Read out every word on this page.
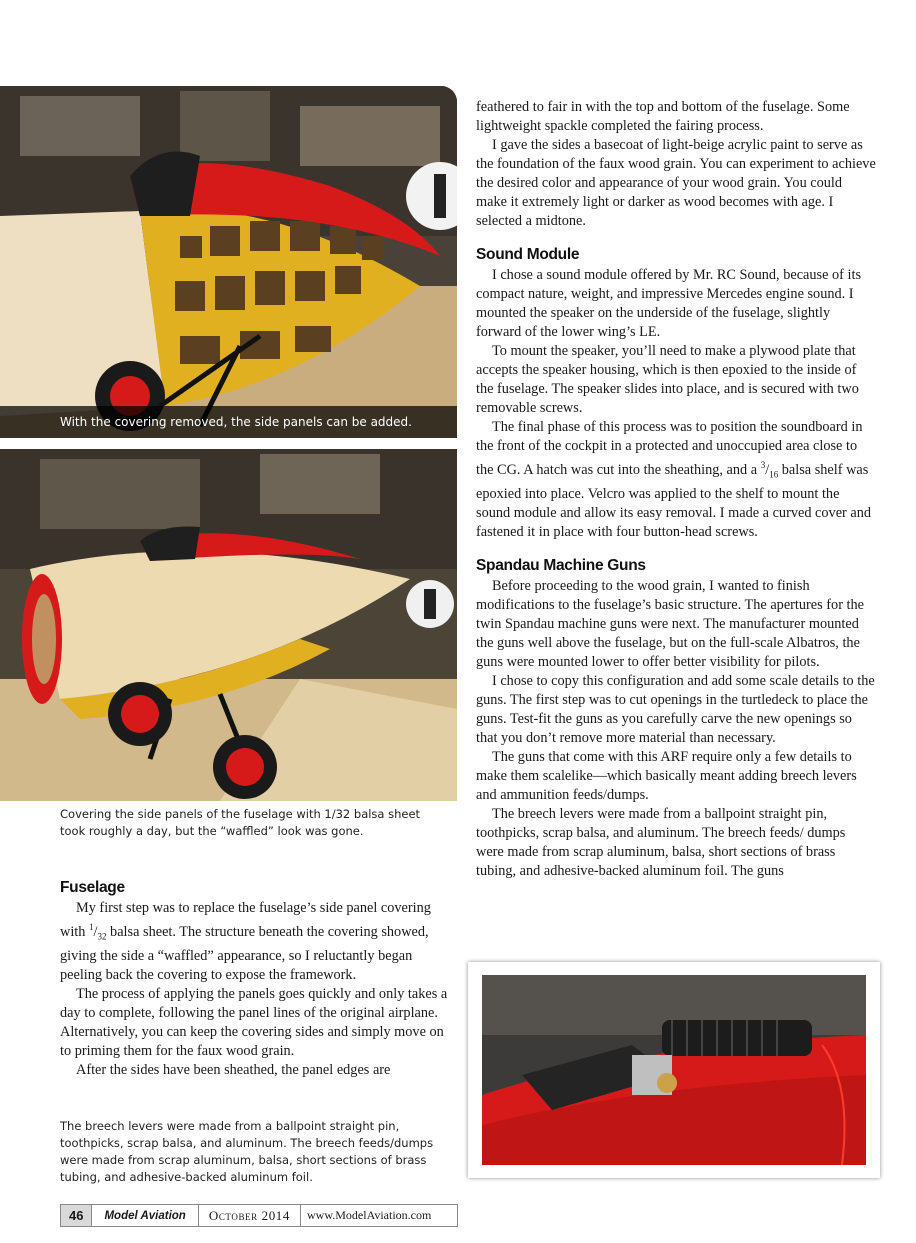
With the covering removed, the side panels can be added.
Covering the side panels of the fuselage with 1/32 balsa sheet took roughly a day, but the “waffled” look was gone.
Fuselage

My first step was to replace the fuselage’s side panel covering with $^1/_{32}$ balsa sheet. The structure beneath the covering showed, giving the side a “waffled” appearance, so I reluctantly began peeling back the covering to expose the framework.

The process of applying the panels goes quickly and only takes a day to complete, following the panel lines of the original airplane. Alternatively, you can keep the covering sides and simply move on to priming them for the faux wood grain.

After the sides have been sheathed, the panel edges are

The breech levers were made from a ballpoint straight pin, toothpicks, scrap balsa, and aluminum. The breech feeds/dumps were made from scrap aluminum, balsa, short sections of brass tubing, and adhesive-backed aluminum foil.

feathered to fair in with the top and bottom of the fuselage. Some lightweight spackle completed the fairing process.

I gave the sides a basecoat of light-beige acrylic paint to serve as the foundation of the faux wood grain. You can experiment to achieve the desired color and appearance of your wood grain. You could make it extremely light or darker as wood becomes with age. I selected a midtone.

Sound Module

I chose a sound module offered by Mr. RC Sound, because of its compact nature, weight, and impressive Mercedes engine sound. I mounted the speaker on the underside of the fuselage, slightly forward of the lower wing’s LE.

To mount the speaker, you’ll need to make a plywood plate that accepts the speaker housing, which is then epoxied to the inside of the fuselage. The speaker slides into place, and is secured with two removable screws.

The final phase of this process was to position the soundboard in the front of the cockpit in a protected and unoccupied area close to the CG. A hatch was cut into the sheathing, and a $^3/_{16}$ balsa shelf was epoxied into place. Velcro was applied to the shelf to mount the sound module and allow its easy removal. I made a curved cover and fastened it in place with four button-head screws.

Spandau Machine Guns

Before proceeding to the wood grain, I wanted to finish modifications to the fuselage’s basic structure. The apertures for the twin Spandau machine guns were next. The manufacturer mounted the guns well above the fuselage, but on the full-scale Albatros, the guns were mounted lower to offer better visibility for pilots.

I chose to copy this configuration and add some scale details to the guns. The first step was to cut openings in the turtledeck to place the guns. Test-fit the guns as you carefully carve the new openings so that you don’t remove more material than necessary.

The guns that come with this ARF require only a few details to make them scalelike—which basically meant adding breech levers and ammunition feeds/dumps.

The breech levers were made from a ballpoint straight pin, toothpicks, scrap balsa, and aluminum. The breech feeds/ dumps were made from scrap aluminum, balsa, short sections of brass tubing, and adhesive-backed aluminum foil. The guns

46	Model Aviation	October 2014	www.ModelAviation.com
